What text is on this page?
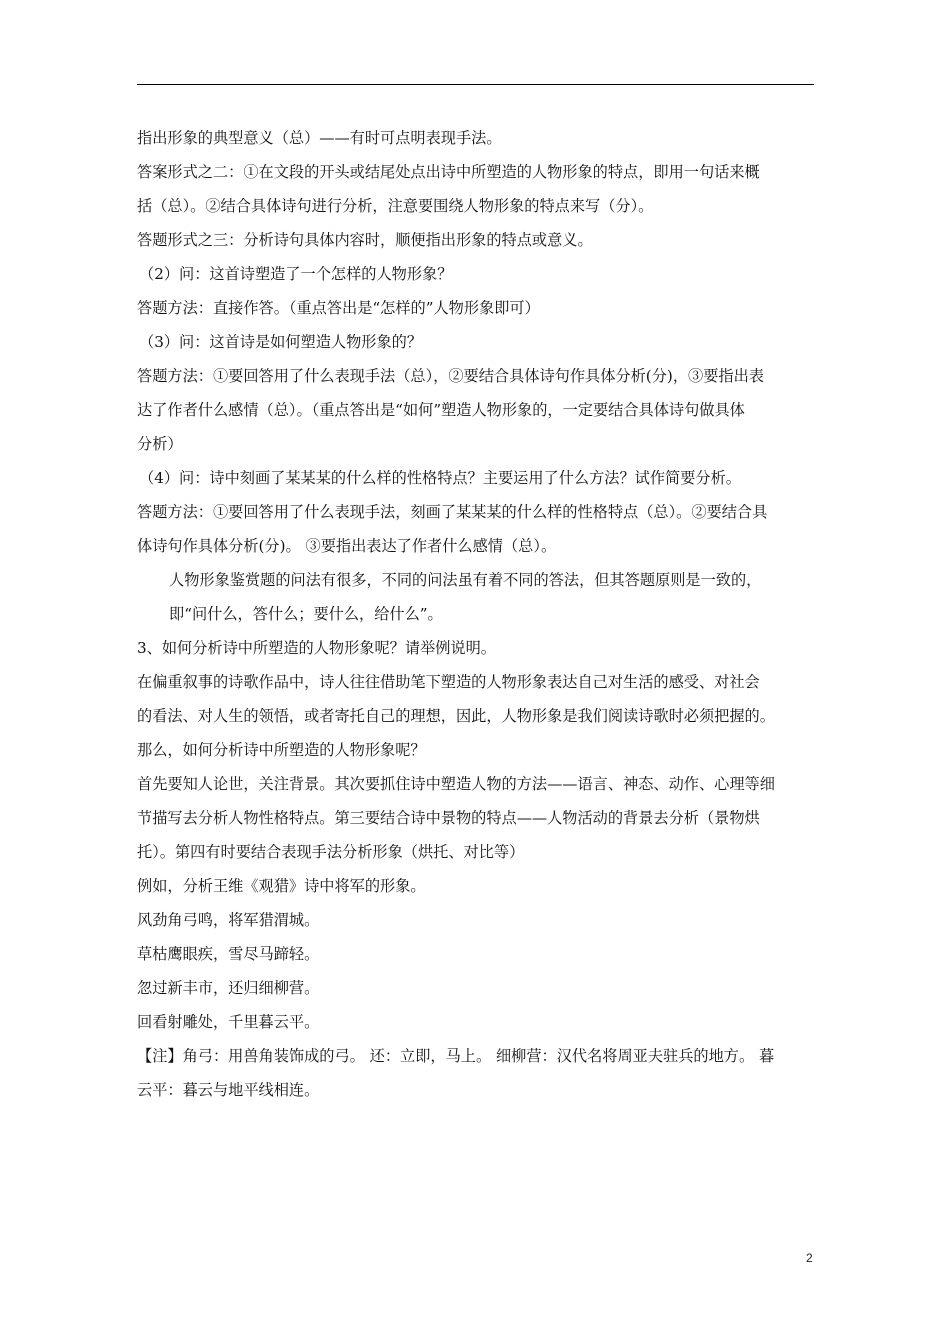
指出形象的典型意义（总）——有时可点明表现手法。
答案形式之二：①在文段的开头或结尾处点出诗中所塑造的人物形象的特点，即用一句话来概
括（总）。②结合具体诗句进行分析，注意要围绕人物形象的特点来写（分）。
答题形式之三：分析诗句具体内容时，顺便指出形象的特点或意义。
（2）问：这首诗塑造了一个怎样的人物形象？
答题方法：直接作答。（重点答出是“怎样的”人物形象即可）
（3）问：这首诗是如何塑造人物形象的？
答题方法：①要回答用了什么表现手法（总），②要结合具体诗句作具体分析(分)，③要指出表
达了作者什么感情（总）。（重点答出是“如何”塑造人物形象的，一定要结合具体诗句做具体
分析）
（4）问：诗中刻画了某某某的什么样的性格特点？主要运用了什么方法？试作简要分析。
答题方法：①要回答用了什么表现手法，刻画了某某某的什么样的性格特点（总）。②要结合具
体诗句作具体分析(分)。 ③要指出表达了作者什么感情（总）。
人物形象鉴赏题的问法有很多，不同的问法虽有着不同的答法，但其答题原则是一致的，
即“问什么，答什么；要什么，给什么”。
3、如何分析诗中所塑造的人物形象呢？请举例说明。
在偏重叙事的诗歌作品中，诗人往往借助笔下塑造的人物形象表达自己对生活的感受、对社会
的看法、对人生的领悟，或者寄托自己的理想，因此，人物形象是我们阅读诗歌时必须把握的。
那么，如何分析诗中所塑造的人物形象呢？
首先要知人论世，关注背景。其次要抓住诗中塑造人物的方法——语言、神态、动作、心理等细
节描写去分析人物性格特点。第三要结合诗中景物的特点——人物活动的背景去分析（景物烘
托）。第四有时要结合表现手法分析形象（烘托、对比等）
例如，分析王维《观猎》诗中将军的形象。
风劲角弓鸣，将军猎渭城。
草枯鹰眼疾，雪尽马蹄轻。
忽过新丰市，还归细柳营。
回看射雕处，千里暮云平。
【注】角弓：用兽角装饰成的弓。 还：立即，马上。 细柳营：汉代名将周亚夫驻兵的地方。 暮
云平：暮云与地平线相连。
2
